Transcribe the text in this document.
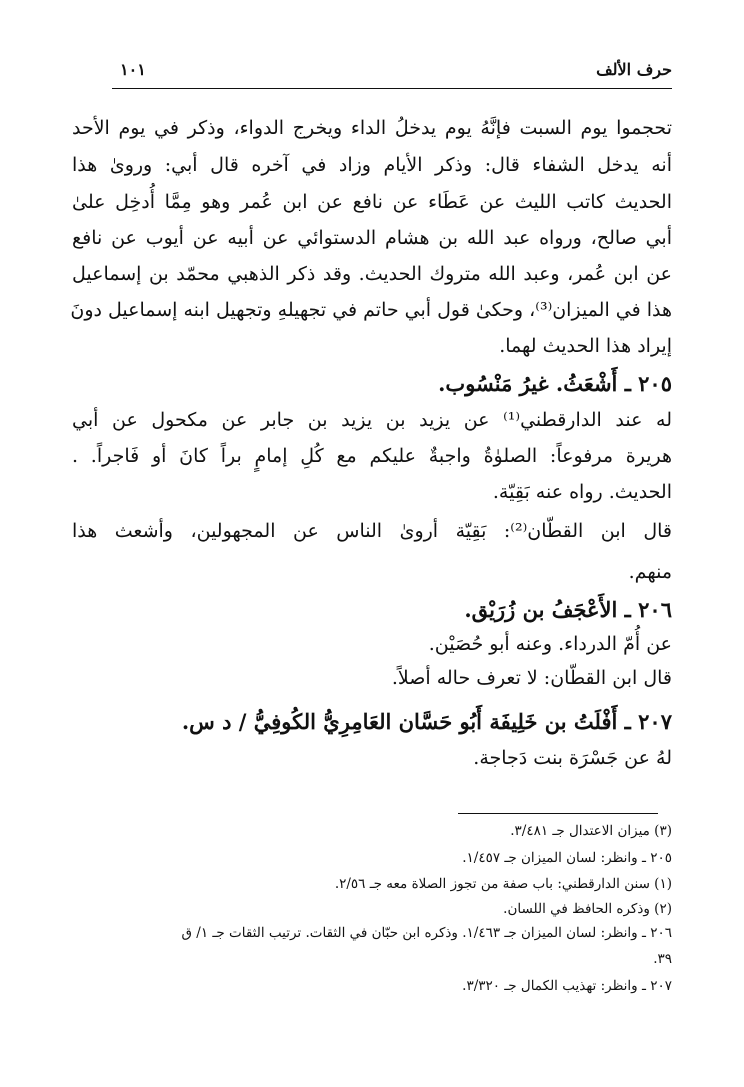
حرف الألف
١٠١
تحجموا يوم السبت فإنَّهُ يوم يدخلُ الداء ويخرج الدواء، وذكر في يوم الأحد
أنه يدخل الشفاء قال: وذكر الأيام وزاد في آخره قال أبي: وروىٰ هذا
الحديث كاتب الليث عن عَطَاء عن نافع عن ابن عُمر وهو مِمَّا أُدخِل علىٰ
أبي صالح، ورواه عبد الله بن هشام الدستوائي عن أبيه عن أيوب عن نافع
عن ابن عُمر، وعبد الله متروك الحديث. وقد ذكر الذهبي محمّد بن إسماعيل
هذا في الميزان⁽³⁾، وحكىٰ قول أبي حاتم في تجهيلهِ وتجهيل ابنه إسماعيل دونَ
إيراد هذا الحديث لهما.
٢٠٥ ـ أَشْعَثُ. غيرُ مَنْسُوب.
له عند الدارقطني⁽¹⁾ عن يزيد بن يزيد بن جابر عن مكحول عن أبي
هريرة مرفوعاً: الصلوٰةُ واجبةٌ عليكم مع كُلِ إمامٍ براً كانَ أو فَاجراً. .
الحديث. رواه عنه بَقِيّة.
قال ابن القطّان⁽²⁾: بَقِيّة أروىٰ الناس عن المجهولين، وأشعث هذا
منهم.
٢٠٦ ـ الأَعْجَفُ بن زُرَيْق.
عن أُمّ الدرداء. وعنه أبو حُصَيْن.
قال ابن القطّان: لا تعرف حاله أصلاً.
٢٠٧ ـ أَفْلَتُ بن خَلِيفَة أَبُو حَسَّان العَامِرِيُّ الكُوفِيُّ / د س.
لهُ عن جَسْرَة بنت دَجاجة.
(٣) ميزان الاعتدال جـ ٣/٤٨١.
٢٠٥ ـ وانظر: لسان الميزان جـ ١/٤٥٧.
(١) سنن الدارقطني: باب صفة من تجوز الصلاة معه جـ ٢/٥٦.
(٢) وذكره الحافظ في اللسان.
٢٠٦ ـ وانظر: لسان الميزان جـ ١/٤٦٣. وذكره ابن حبّان في الثقات. ترتيب الثقات جـ ١/ ق
٣٩.
٢٠٧ ـ وانظر: تهذيب الكمال جـ ٣/٣٢٠.
